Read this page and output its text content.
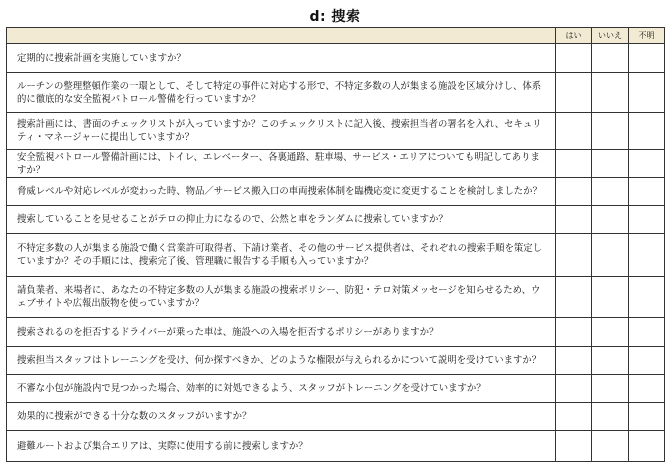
d: 捜索
	はい	いいえ	不明
定期的に捜索計画を実施していますか？			
ルーチンの整理整頓作業の一環として、そして特定の事件に対応する形で、不特定多数の人が集まる施設を区域分けし、体系的に徹底的な安全監視パトロール警備を行っていますか？			
捜索計画には、書面のチェックリストが入っていますか？このチェックリストに記入後、捜索担当者の署名を入れ、セキュリティ・マネージャーに提出していますか？			
安全監視パトロール警備計画には、トイレ、エレベーター、各裏通路、駐車場、サービス・エリアについても明記してありますか？			
脅威レベルや対応レベルが変わった時、物品／サービス搬入口の車両捜索体制を臨機応変に変更することを検討しましたか？			
捜索していることを見せることがテロの抑止力になるので、公然と車をランダムに捜索していますか？			
不特定多数の人が集まる施設で働く営業許可取得者、下請け業者、その他のサービス提供者は、それぞれの捜索手順を策定していますか？その手順には、捜索完了後、管理職に報告する手順も入っていますか？			
請負業者、来場者に、あなたの不特定多数の人が集まる施設の捜索ポリシー、防犯・テロ対策メッセージを知らせるため、ウェブサイトや広報出版物を使っていますか？			
捜索されるのを拒否するドライバーが乗った車は、施設への入場を拒否するポリシーがありますか？			
捜索担当スタッフはトレーニングを受け、何か探すべきか、どのような権限が与えられるかについて説明を受けていますか？			
不審な小包が施設内で見つかった場合、効率的に対処できるよう、スタッフがトレーニングを受けていますか？			
効果的に捜索ができる十分な数のスタッフがいますか？			
避難ルートおよび集合エリアは、実際に使用する前に捜索しますか？			
